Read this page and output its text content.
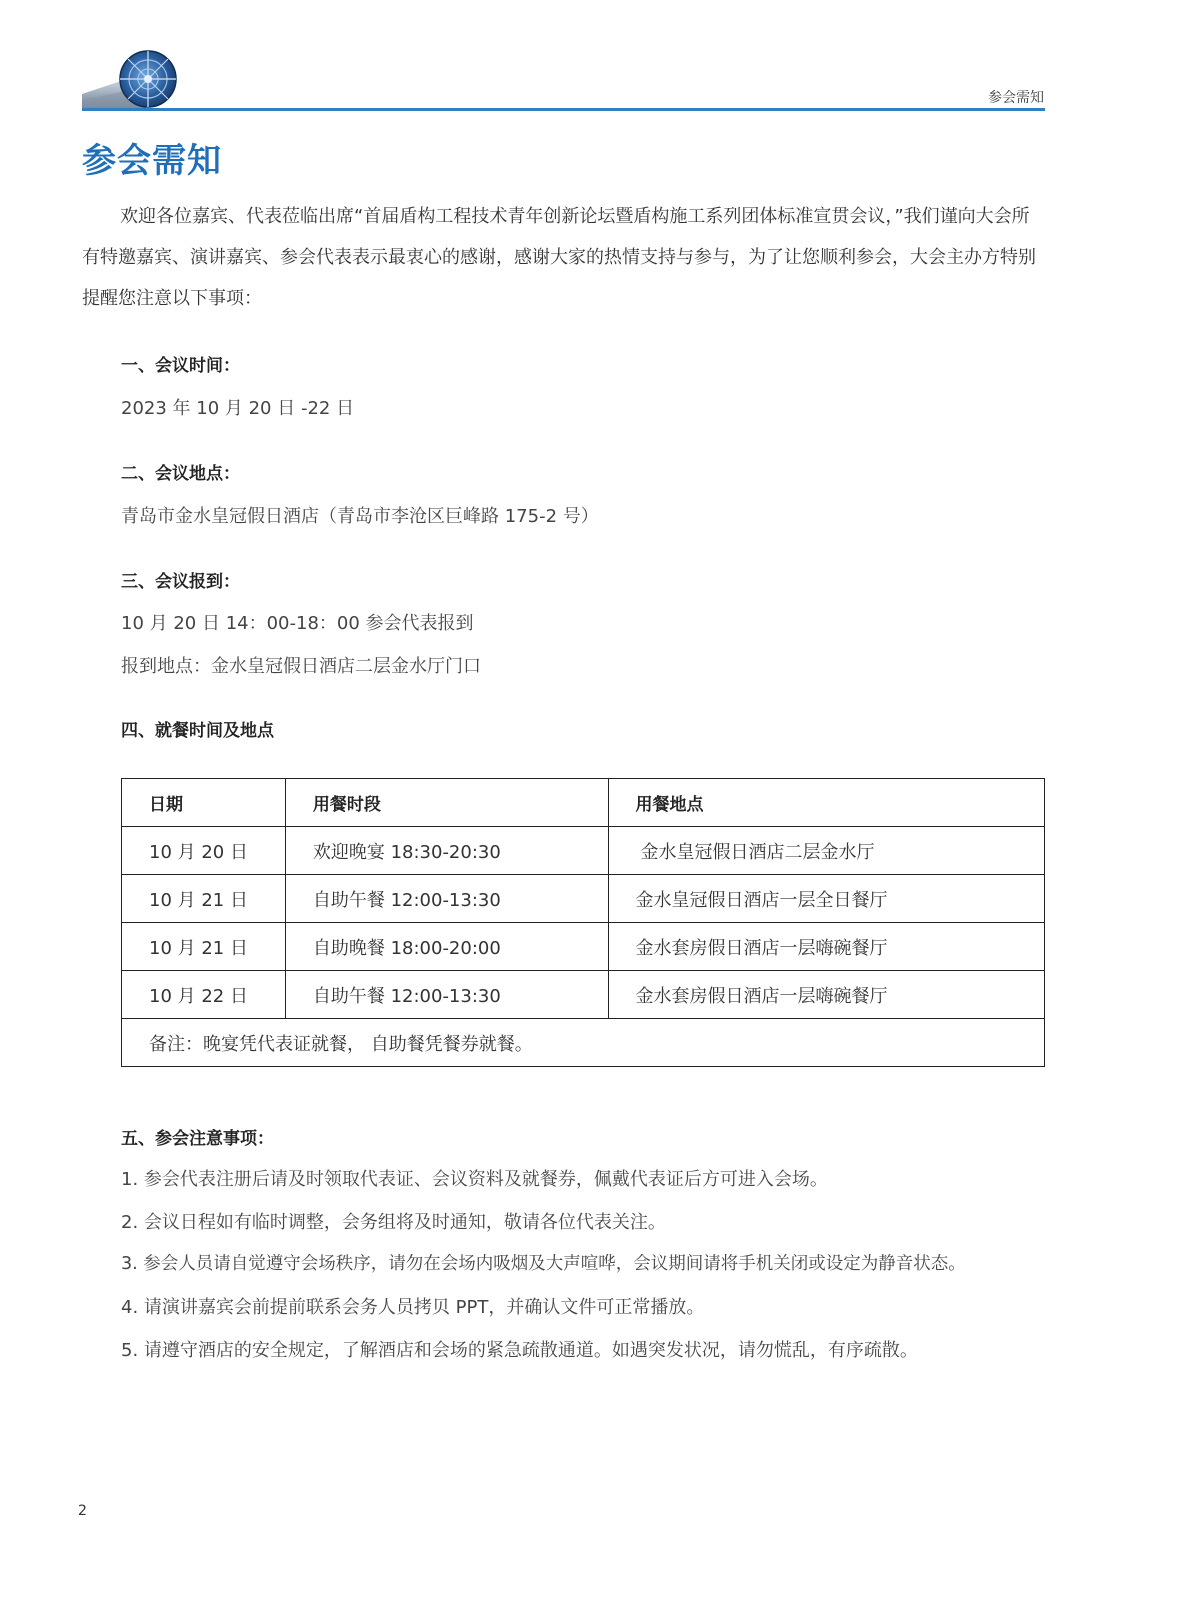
参会需知
参会需知

欢迎各位嘉宾、代表莅临出席“首届盾构工程技术青年创新论坛暨盾构施工系列团体标准宣贯会议，”我们谨向大会所有特邀嘉宾、演讲嘉宾、参会代表表示最衷心的感谢，感谢大家的热情支持与参与，为了让您顺利参会，大会主办方特别提醒您注意以下事项：

一、会议时间：

2023 年 10 月 20 日 -22 日

二、会议地点：

青岛市金水皇冠假日酒店（青岛市李沧区巨峰路 175-2 号）

三、会议报到：

10 月 20 日 14：00-18：00 参会代表报到

报到地点：金水皇冠假日酒店二层金水厅门口

四、就餐时间及地点
日期	用餐时段	用餐地点
10 月 20 日	欢迎晚宴 18:30-20:30	金水皇冠假日酒店二层金水厅
10 月 21 日	自助午餐 12:00-13:30	金水皇冠假日酒店一层全日餐厅
10 月 21 日	自助晚餐 18:00-20:00	金水套房假日酒店一层嗨碗餐厅
10 月 22 日	自助午餐 12:00-13:30	金水套房假日酒店一层嗨碗餐厅
备注：晚宴凭代表证就餐， 自助餐凭餐券就餐。		
五、参会注意事项：

1. 参会代表注册后请及时领取代表证、会议资料及就餐券，佩戴代表证后方可进入会场。

2. 会议日程如有临时调整，会务组将及时通知，敬请各位代表关注。

3. 参会人员请自觉遵守会场秩序，请勿在会场内吸烟及大声喧哗，会议期间请将手机关闭或设定为静音状态。

4. 请演讲嘉宾会前提前联系会务人员拷贝 PPT，并确认文件可正常播放。

5. 请遵守酒店的安全规定，了解酒店和会场的紧急疏散通道。如遇突发状况，请勿慌乱，有序疏散。

2
